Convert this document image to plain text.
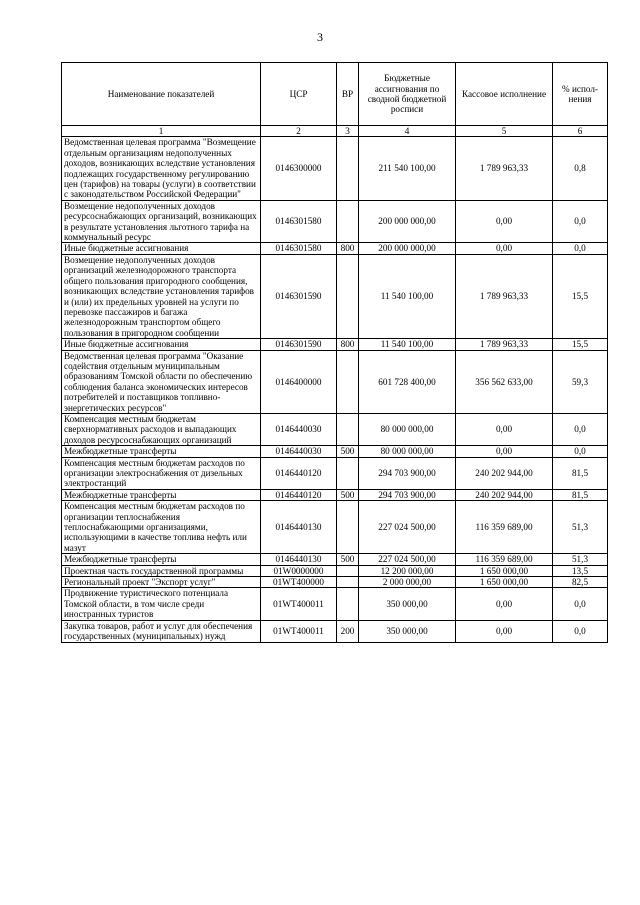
3
Наименование показателей	ЦСР	ВР	Бюджетные ассигнования по сводной бюджетной росписи	Кассовое исполнение	% испол-нения
1	2	3	4	5	6
Ведомственная целевая программа "Возмещение отдельным организациям недополученных доходов, возникающих вследствие установления подлежащих государственному регулированию цен (тарифов) на товары (услуги) в соответствии с законодательством Российской Федерации"	0146300000		211 540 100,00	1 789 963,33	0,8
Возмещение недополученных доходов ресурсоснабжающих организаций, возникающих в результате установления льготного тарифа на коммунальный ресурс	0146301580		200 000 000,00	0,00	0,0
Иные бюджетные ассигнования	0146301580	800	200 000 000,00	0,00	0,0
Возмещение недополученных доходов организаций железнодорожного транспорта общего пользования пригородного сообщения, возникающих вследствие установления тарифов и (или) их предельных уровней на услуги по перевозке пассажиров и багажа железнодорожным транспортом общего пользования в пригородном сообщении	0146301590		11 540 100,00	1 789 963,33	15,5
Иные бюджетные ассигнования	0146301590	800	11 540 100,00	1 789 963,33	15,5
Ведомственная целевая программа "Оказание содействия отдельным муниципальным образованиям Томской области по обеспечению соблюдения баланса экономических интересов потребителей и поставщиков топливно-энергетических ресурсов"	0146400000		601 728 400,00	356 562 633,00	59,3
Компенсация местным бюджетам сверхнормативных расходов и выпадающих доходов ресурсоснабжающих организаций	0146440030		80 000 000,00	0,00	0,0
Межбюджетные трансферты	0146440030	500	80 000 000,00	0,00	0,0
Компенсация местным бюджетам расходов по организации электроснабжения от дизельных электростанций	0146440120		294 703 900,00	240 202 944,00	81,5
Межбюджетные трансферты	0146440120	500	294 703 900,00	240 202 944,00	81,5
Компенсация местным бюджетам расходов по организации теплоснабжения теплоснабжающими организациями, использующими в качестве топлива нефть или мазут	0146440130		227 024 500,00	116 359 689,00	51,3
Межбюджетные трансферты	0146440130	500	227 024 500,00	116 359 689,00	51,3
Проектная часть государственной программы	01W0000000		12 200 000,00	1 650 000,00	13,5
Региональный проект "Экспорт услуг"	01WT400000		2 000 000,00	1 650 000,00	82,5
Продвижение туристического потенциала Томской области, в том числе среди иностранных туристов	01WT400011		350 000,00	0,00	0,0
Закупка товаров, работ и услуг для обеспечения государственных (муниципальных) нужд	01WT400011	200	350 000,00	0,00	0,0
